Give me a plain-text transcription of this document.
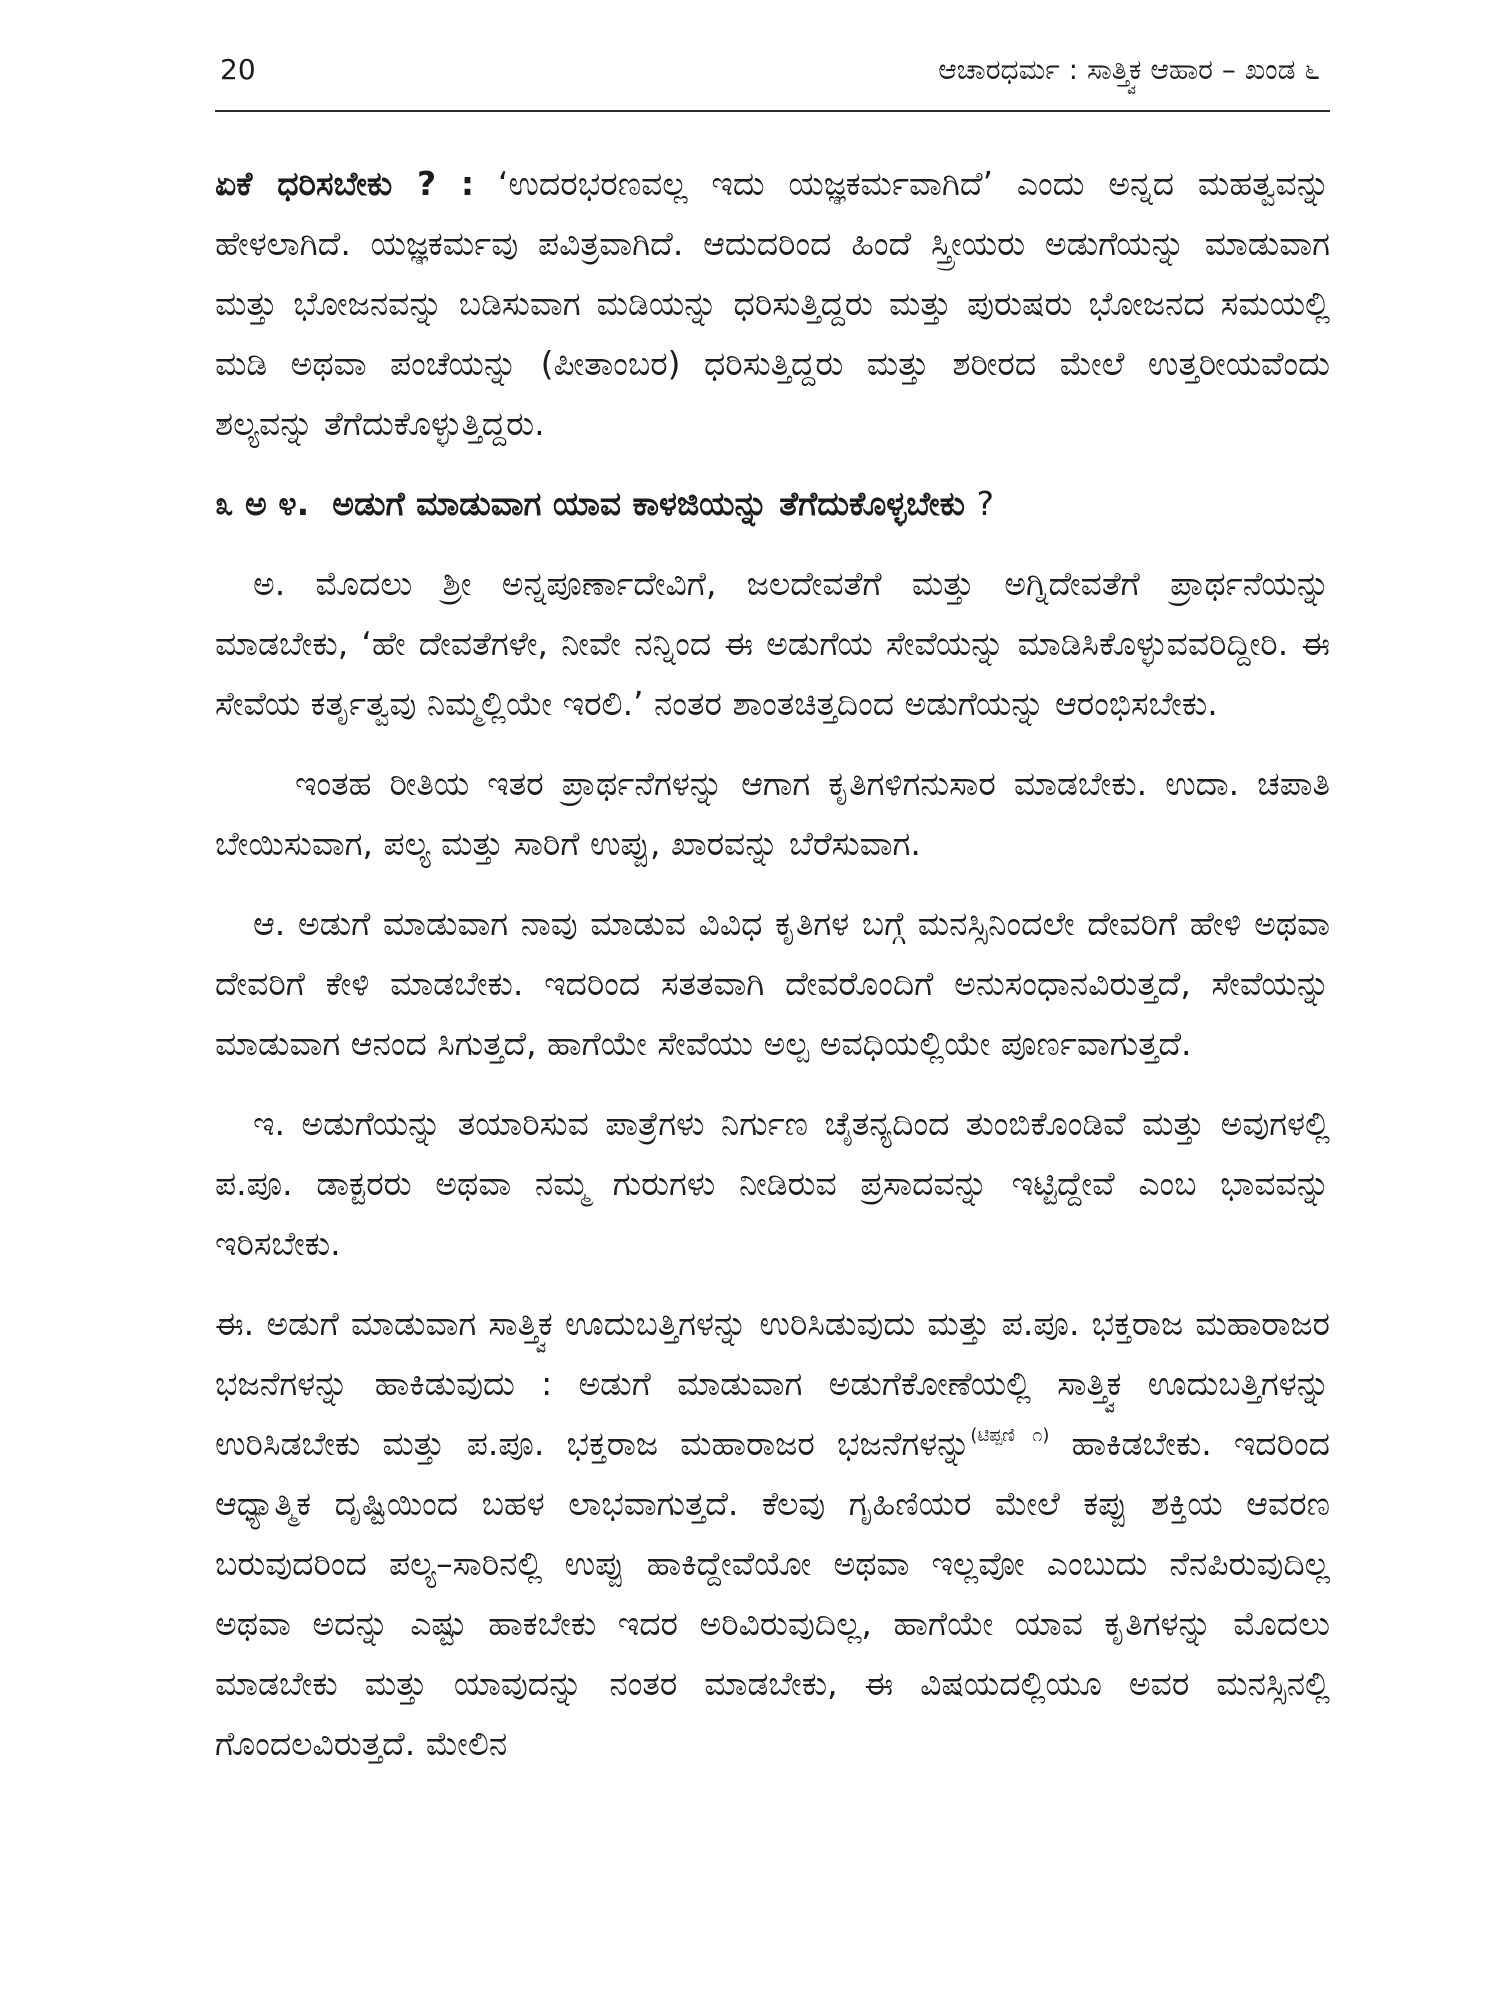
20	ಆಚಾರಧರ್ಮ : ಸಾತ್ತ್ವಿಕ ಆಹಾರ – ಖಂಡ ೬

ಏಕೆ ಧರಿಸಬೇಕು ? : ‘ಉದರಭರಣವಲ್ಲ ಇದು ಯಜ್ಞಕರ್ಮವಾಗಿದೆ’ ಎಂದು ಅನ್ನದ ಮಹತ್ವವನ್ನು ಹೇಳಲಾಗಿದೆ. ಯಜ್ಞಕರ್ಮವು ಪವಿತ್ರವಾಗಿದೆ. ಆದುದರಿಂದ ಹಿಂದೆ ಸ್ತ್ರೀಯರು ಅಡುಗೆಯನ್ನು ಮಾಡುವಾಗ ಮತ್ತು ಭೋಜನವನ್ನು ಬಡಿಸುವಾಗ ಮಡಿಯನ್ನು ಧರಿಸುತ್ತಿದ್ದರು ಮತ್ತು ಪುರುಷರು ಭೋಜನದ ಸಮಯಲ್ಲಿ ಮಡಿ ಅಥವಾ ಪಂಚೆಯನ್ನು (ಪೀತಾಂಬರ) ಧರಿಸುತ್ತಿದ್ದರು ಮತ್ತು ಶರೀರದ ಮೇಲೆ ಉತ್ತರೀಯವೆಂದು ಶಲ್ಯವನ್ನು ತೆಗೆದುಕೊಳ್ಳುತ್ತಿದ್ದರು.

೩ ಅ ೪. ಅಡುಗೆ ಮಾಡುವಾಗ ಯಾವ ಕಾಳಜಿಯನ್ನು ತೆಗೆದುಕೊಳ್ಳಬೇಕು ?

ಅ. ಮೊದಲು ಶ್ರೀ ಅನ್ನಪೂರ್ಣಾದೇವಿಗೆ, ಜಲದೇವತೆಗೆ ಮತ್ತು ಅಗ್ನಿದೇವತೆಗೆ ಪ್ರಾರ್ಥನೆಯನ್ನು ಮಾಡಬೇಕು, ‘ಹೇ ದೇವತೆಗಳೇ, ನೀವೇ ನನ್ನಿಂದ ಈ ಅಡುಗೆಯ ಸೇವೆಯನ್ನು ಮಾಡಿಸಿಕೊಳ್ಳುವವರಿದ್ದೀರಿ. ಈ ಸೇವೆಯ ಕರ್ತೃತ್ವವು ನಿಮ್ಮಲ್ಲಿಯೇ ಇರಲಿ.’ ನಂತರ ಶಾಂತಚಿತ್ತದಿಂದ ಅಡುಗೆಯನ್ನು ಆರಂಭಿಸಬೇಕು.

ಇಂತಹ ರೀತಿಯ ಇತರ ಪ್ರಾರ್ಥನೆಗಳನ್ನು ಆಗಾಗ ಕೃತಿಗಳಿಗನುಸಾರ ಮಾಡಬೇಕು. ಉದಾ. ಚಪಾತಿ ಬೇಯಿಸುವಾಗ, ಪಲ್ಯ ಮತ್ತು ಸಾರಿಗೆ ಉಪ್ಪು, ಖಾರವನ್ನು ಬೆರೆಸುವಾಗ.

ಆ. ಅಡುಗೆ ಮಾಡುವಾಗ ನಾವು ಮಾಡುವ ವಿವಿಧ ಕೃತಿಗಳ ಬಗ್ಗೆ ಮನಸ್ಸಿನಿಂದಲೇ ದೇವರಿಗೆ ಹೇಳಿ ಅಥವಾ ದೇವರಿಗೆ ಕೇಳಿ ಮಾಡಬೇಕು. ಇದರಿಂದ ಸತತವಾಗಿ ದೇವರೊಂದಿಗೆ ಅನುಸಂಧಾನವಿರುತ್ತದೆ, ಸೇವೆಯನ್ನು ಮಾಡುವಾಗ ಆನಂದ ಸಿಗುತ್ತದೆ, ಹಾಗೆಯೇ ಸೇವೆಯು ಅಲ್ಪ ಅವಧಿಯಲ್ಲಿಯೇ ಪೂರ್ಣವಾಗುತ್ತದೆ.

ಇ. ಅಡುಗೆಯನ್ನು ತಯಾರಿಸುವ ಪಾತ್ರೆಗಳು ನಿರ್ಗುಣ ಚೈತನ್ಯದಿಂದ ತುಂಬಿಕೊಂಡಿವೆ ಮತ್ತು ಅವುಗಳಲ್ಲಿ ಪ.ಪೂ. ಡಾಕ್ಟರರು ಅಥವಾ ನಮ್ಮ ಗುರುಗಳು ನೀಡಿರುವ ಪ್ರಸಾದವನ್ನು ಇಟ್ಟಿದ್ದೇವೆ ಎಂಬ ಭಾವವನ್ನು ಇರಿಸಬೇಕು.

ಈ. ಅಡುಗೆ ಮಾಡುವಾಗ ಸಾತ್ತ್ವಿಕ ಊದುಬತ್ತಿಗಳನ್ನು ಉರಿಸಿಡುವುದು ಮತ್ತು ಪ.ಪೂ. ಭಕ್ತರಾಜ ಮಹಾರಾಜರ ಭಜನೆಗಳನ್ನು ಹಾಕಿಡುವುದು : ಅಡುಗೆ ಮಾಡುವಾಗ ಅಡುಗೆಕೋಣೆಯಲ್ಲಿ ಸಾತ್ತ್ವಿಕ ಊದುಬತ್ತಿಗಳನ್ನು ಉರಿಸಿಡಬೇಕು ಮತ್ತು ಪ.ಪೂ. ಭಕ್ತರಾಜ ಮಹಾರಾಜರ ಭಜನೆಗಳನ್ನು$^{(ಟಿಪ್ಪಣಿ ೧)}$ ಹಾಕಿಡಬೇಕು. ಇದರಿಂದ ಆಧ್ಯಾತ್ಮಿಕ ದೃಷ್ಟಿಯಿಂದ ಬಹಳ ಲಾಭವಾಗುತ್ತದೆ. ಕೆಲವು ಗೃಹಿಣಿಯರ ಮೇಲೆ ಕಪ್ಪು ಶಕ್ತಿಯ ಆವರಣ ಬರುವುದರಿಂದ ಪಲ್ಯ–ಸಾರಿನಲ್ಲಿ ಉಪ್ಪು ಹಾಕಿದ್ದೇವೆಯೋ ಅಥವಾ ಇಲ್ಲವೋ ಎಂಬುದು ನೆನಪಿರುವುದಿಲ್ಲ ಅಥವಾ ಅದನ್ನು ಎಷ್ಟು ಹಾಕಬೇಕು ಇದರ ಅರಿವಿರುವುದಿಲ್ಲ, ಹಾಗೆಯೇ ಯಾವ ಕೃತಿಗಳನ್ನು ಮೊದಲು ಮಾಡಬೇಕು ಮತ್ತು ಯಾವುದನ್ನು ನಂತರ ಮಾಡಬೇಕು, ಈ ವಿಷಯದಲ್ಲಿಯೂ ಅವರ ಮನಸ್ಸಿನಲ್ಲಿ ಗೊಂದಲವಿರುತ್ತದೆ. ಮೇಲಿನ
